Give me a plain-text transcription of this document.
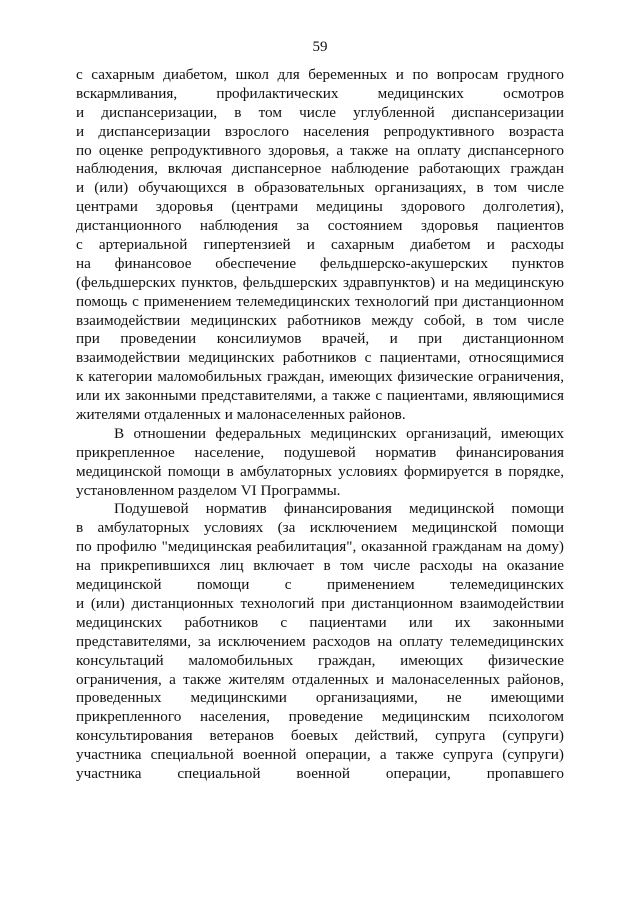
59
с сахарным диабетом, школ для беременных и по вопросам грудного
вскармливания, профилактических медицинских осмотров
и диспансеризации, в том числе углубленной диспансеризации
и диспансеризации взрослого населения репродуктивного возраста
по оценке репродуктивного здоровья, а также на оплату диспансерного
наблюдения, включая диспансерное наблюдение работающих граждан
и (или) обучающихся в образовательных организациях, в том числе
центрами здоровья (центрами медицины здорового долголетия),
дистанционного наблюдения за состоянием здоровья пациентов
с артериальной гипертензией и сахарным диабетом и расходы
на финансовое обеспечение фельдшерско-акушерских пунктов
(фельдшерских пунктов, фельдшерских здравпунктов) и на медицинскую
помощь с применением телемедицинских технологий при дистанционном
взаимодействии медицинских работников между собой, в том числе
при проведении консилиумов врачей, и при дистанционном
взаимодействии медицинских работников с пациентами, относящимися
к категории маломобильных граждан, имеющих физические ограничения,
или их законными представителями, а также с пациентами, являющимися
жителями отдаленных и малонаселенных районов.
В отношении федеральных медицинских организаций, имеющих
прикрепленное население, подушевой норматив финансирования
медицинской помощи в амбулаторных условиях формируется в порядке,
установленном разделом VI Программы.
Подушевой норматив финансирования медицинской помощи
в амбулаторных условиях (за исключением медицинской помощи
по профилю "медицинская реабилитация", оказанной гражданам на дому)
на прикрепившихся лиц включает в том числе расходы на оказание
медицинской помощи с применением телемедицинских
и (или) дистанционных технологий при дистанционном взаимодействии
медицинских работников с пациентами или их законными
представителями, за исключением расходов на оплату телемедицинских
консультаций маломобильных граждан, имеющих физические
ограничения, а также жителям отдаленных и малонаселенных районов,
проведенных медицинскими организациями, не имеющими
прикрепленного населения, проведение медицинским психологом
консультирования ветеранов боевых действий, супруга (супруги)
участника специальной военной операции, а также супруга (супруги)
участника специальной военной операции, пропавшего
